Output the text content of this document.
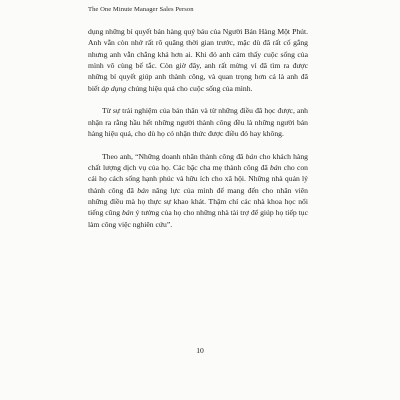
The One Minute Manager Sales Person

dụng những bí quyết bán hàng quý báu của Người Bán Hàng Một Phút. Anh vẫn còn nhớ rất rõ quãng thời gian trước, mặc dù đã rất cố gắng nhưng anh vẫn chẳng khá hơn ai. Khi đó anh cảm thấy cuộc sống của mình vô cùng bế tắc. Còn giờ đây, anh rất mừng vì đã tìm ra được những bí quyết giúp anh thành công, và quan trọng hơn cả là anh đã biết áp dụng chúng hiệu quả cho cuộc sống của mình.

Từ sự trải nghiệm của bản thân và từ những điều đã học được, anh nhận ra rằng hầu hết những người thành công đều là những người bán hàng hiệu quả, cho dù họ có nhận thức được điều đó hay không.

Theo anh, “Những doanh nhân thành công đã bán cho khách hàng chất lượng dịch vụ của họ. Các bậc cha mẹ thành công đã bán cho con cái họ cách sống hạnh phúc và hữu ích cho xã hội. Những nhà quản lý thành công đã bán năng lực của mình để mang đến cho nhân viên những điều mà họ thực sự khao khát. Thậm chí các nhà khoa học nổi tiếng cũng bán ý tưởng của họ cho những nhà tài trợ để giúp họ tiếp tục làm công việc nghiên cứu”.

10
